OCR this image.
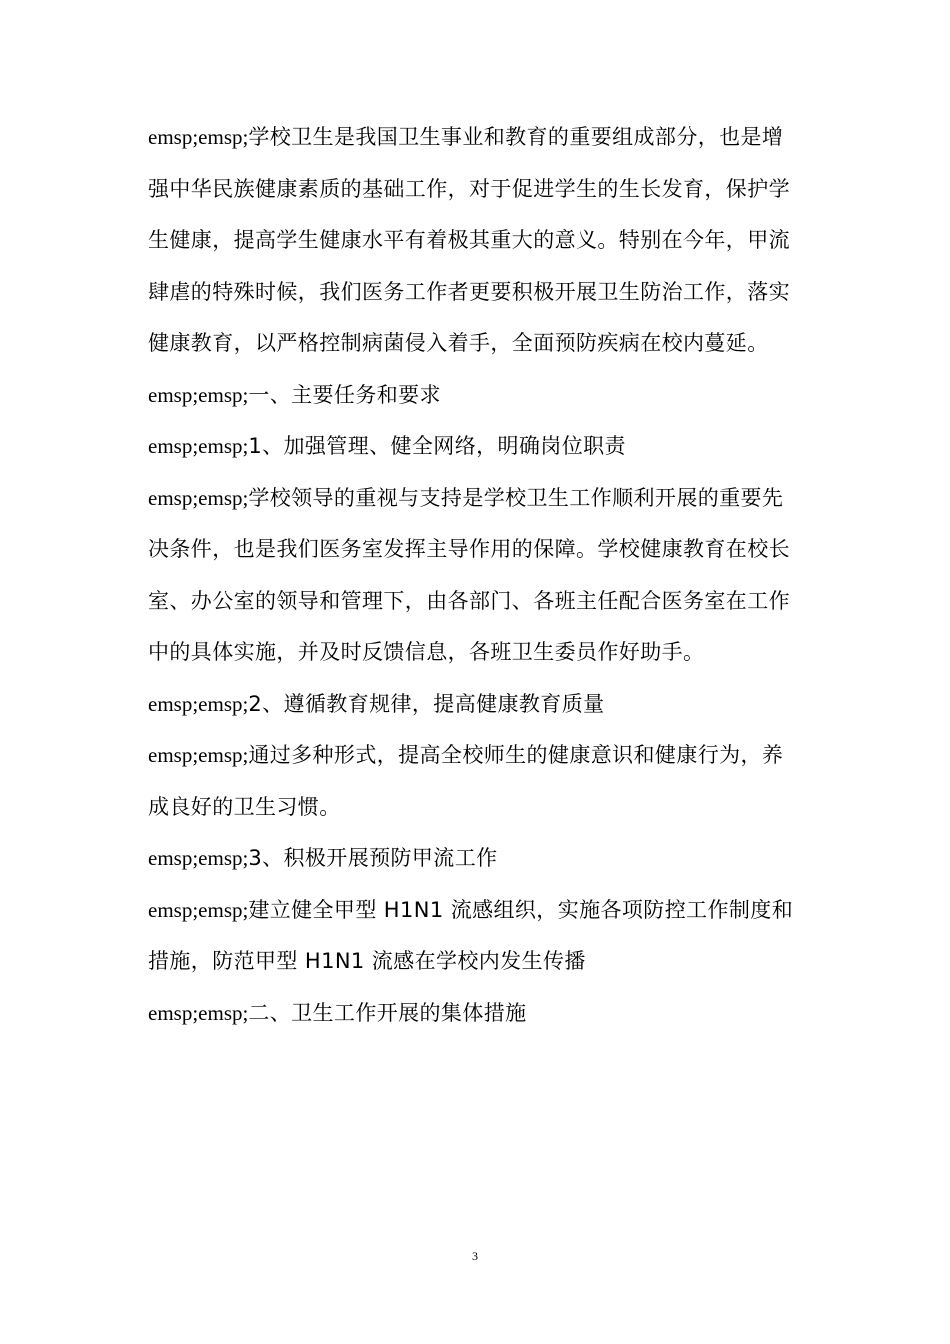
emsp;emsp;学校卫生是我国卫生事业和教育的重要组成部分，也是增强中华民族健康素质的基础工作，对于促进学生的生长发育，保护学生健康，提高学生健康水平有着极其重大的意义。特别在今年，甲流肆虐的特殊时候，我们医务工作者更要积极开展卫生防治工作，落实健康教育，以严格控制病菌侵入着手，全面预防疾病在校内蔓延。

emsp;emsp;一、主要任务和要求

emsp;emsp;1、加强管理、健全网络，明确岗位职责

emsp;emsp;学校领导的重视与支持是学校卫生工作顺利开展的重要先决条件，也是我们医务室发挥主导作用的保障。学校健康教育在校长室、办公室的领导和管理下，由各部门、各班主任配合医务室在工作中的具体实施，并及时反馈信息，各班卫生委员作好助手。

emsp;emsp;2、遵循教育规律，提高健康教育质量

emsp;emsp;通过多种形式，提高全校师生的健康意识和健康行为，养成良好的卫生习惯。

emsp;emsp;3、积极开展预防甲流工作

emsp;emsp;建立健全甲型 H1N1 流感组织，实施各项防控工作制度和措施，防范甲型 H1N1 流感在学校内发生传播

emsp;emsp;二、卫生工作开展的集体措施

3
